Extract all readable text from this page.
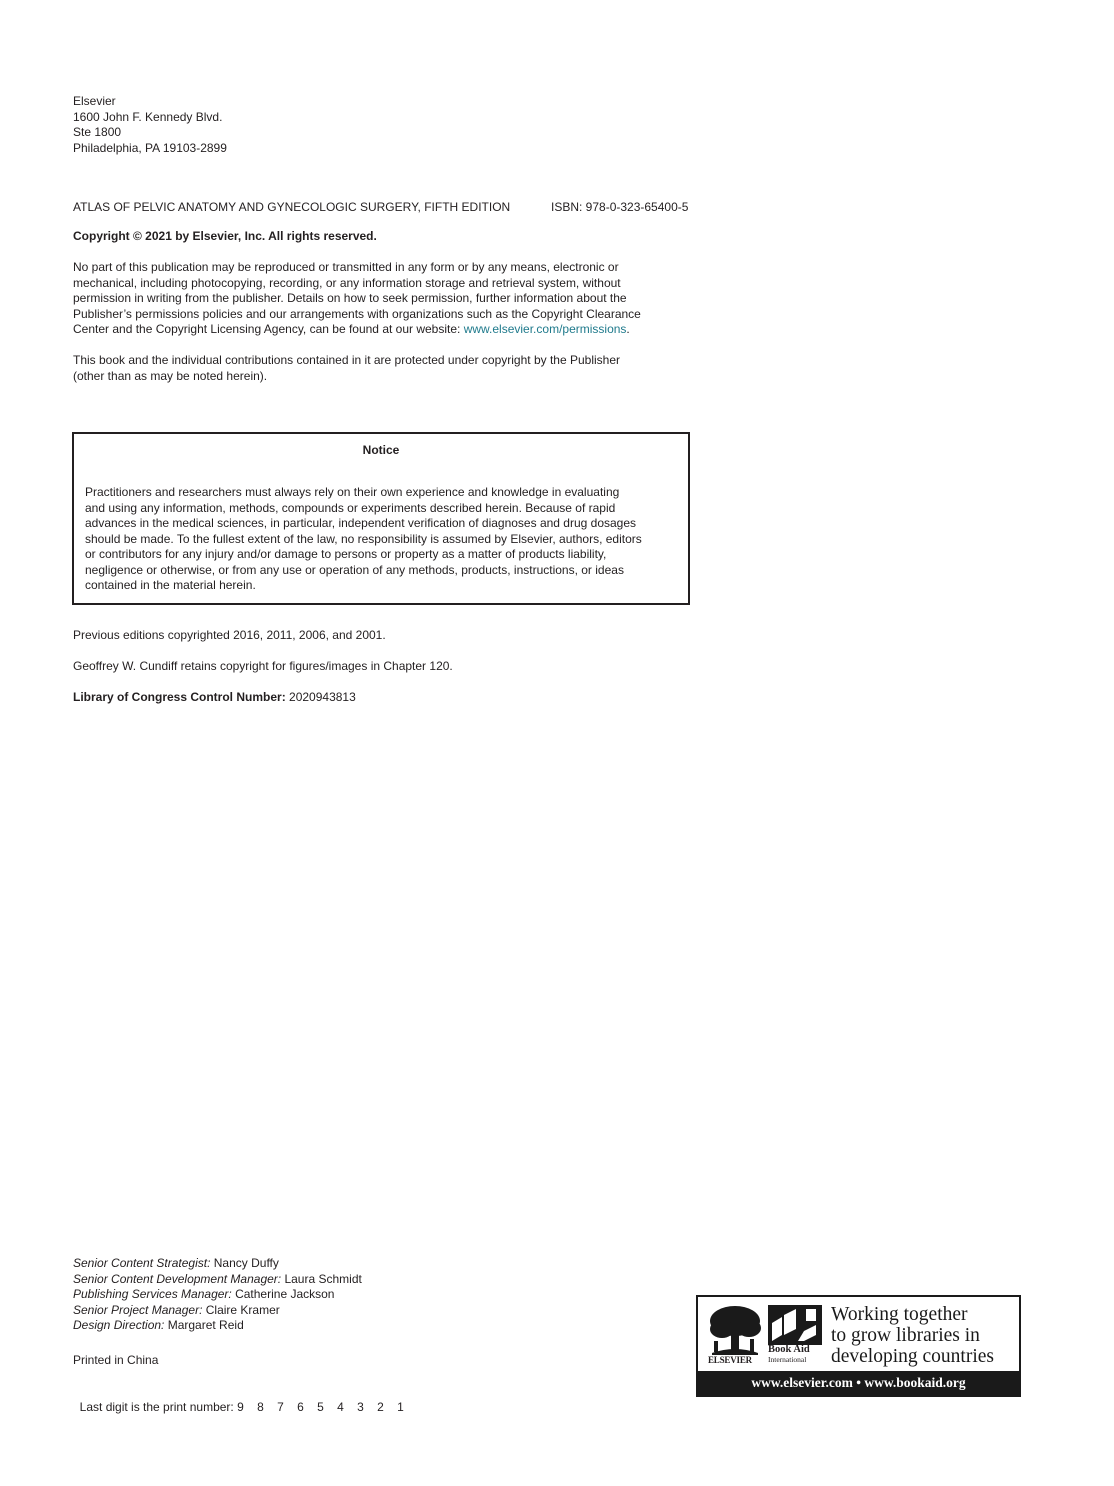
Elsevier
1600 John F. Kennedy Blvd.
Ste 1800
Philadelphia, PA 19103-2899
ATLAS OF PELVIC ANATOMY AND GYNECOLOGIC SURGERY, FIFTH EDITION	ISBN: 978-0-323-65400-5
Copyright © 2021 by Elsevier, Inc. All rights reserved.
No part of this publication may be reproduced or transmitted in any form or by any means, electronic or
mechanical, including photocopying, recording, or any information storage and retrieval system, without
permission in writing from the publisher. Details on how to seek permission, further information about the
Publisher’s permissions policies and our arrangements with organizations such as the Copyright Clearance
Center and the Copyright Licensing Agency, can be found at our website: www.elsevier.com/permissions.
This book and the individual contributions contained in it are protected under copyright by the Publisher
(other than as may be noted herein).
Notice
Practitioners and researchers must always rely on their own experience and knowledge in evaluating
and using any information, methods, compounds or experiments described herein. Because of rapid
advances in the medical sciences, in particular, independent verification of diagnoses and drug dosages
should be made. To the fullest extent of the law, no responsibility is assumed by Elsevier, authors, editors
or contributors for any injury and/or damage to persons or property as a matter of products liability,
negligence or otherwise, or from any use or operation of any methods, products, instructions, or ideas
contained in the material herein.
Previous editions copyrighted 2016, 2011, 2006, and 2001.
Geoffrey W. Cundiff retains copyright for figures/images in Chapter 120.
Library of Congress Control Number: 2020943813
Senior Content Strategist: Nancy Duffy
Senior Content Development Manager: Laura Schmidt
Publishing Services Manager: Catherine Jackson
Senior Project Manager: Claire Kramer
Design Direction: Margaret Reid
Printed in China

Last digit is the print number: 9    8    7    6    5    4    3    2    1

ELSEVIER
Book Aid
International
Working together
to grow libraries in
developing countries
www.elsevier.com • www.bookaid.org
